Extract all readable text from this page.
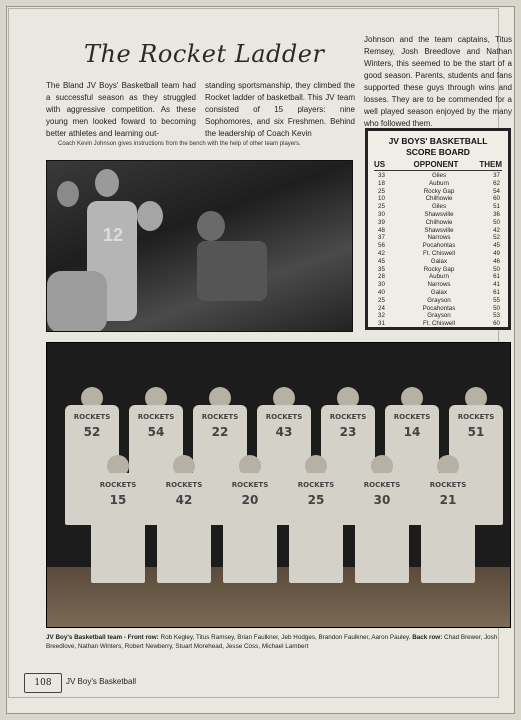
The Rocket Ladder
The Bland JV Boys' Basketball team had a successful season as they struggled with aggressive competition. As these young men looked foward to becoming better athletes and learning out-
standing sportsmanship, they climbed the Rocket ladder of basketball. This JV team consisted of 15 players: nine Sophomores, and six Freshmen. Behind the leadership of Coach Kevin
Johnson and the team captains, Titus Remsey, Josh Breedlove and Nathan Winters, this seemed to be the start of a good season. Parents, students and fans supported these guys through wins and losses. They are to be commended for a well played season enjoyed by the many who followed them.
Coach Kevin Johnson gives instructions from the bench with the help of other team players.
12
JV BOYS' BASKETBALL
SCORE BOARD
US	OPPONENT	THEM
33	Giles	37
18	Auburn	62
25	Rocky Gap	54
10	Chilhowie	60
25	Giles	51
30	Shawsville	36
39	Chilhowie	50
48	Shawsville	42
37	Narrows	52
56	Pocahontas	45
42	Ft. Chiswell	49
45	Galax	46
35	Rocky Gap	50
28	Auburn	61
30	Narrows	41
40	Galax	61
25	Grayson	55
24	Pocahontas	50
32	Grayson	53
31	Ft. Chiswell	60
ROCKETS
52
ROCKETS
54
ROCKETS
22
ROCKETS
43
ROCKETS
23
ROCKETS
14
ROCKETS
51
ROCKETS
15
ROCKETS
42
ROCKETS
20
ROCKETS
25
ROCKETS
30
ROCKETS
21
JV Boy's Basketball team - Front row: Rob Kegley, Titus Ramsey, Brian Faulkner, Jeb Hodges, Brandon Faulkner, Aaron Pauley. Back row: Chad Brewer, Josh Breedlove, Nathan Winters, Robert Newberry, Stuart Morehead, Jesse Coss, Michael Lambert
108	JV Boy's Basketball
